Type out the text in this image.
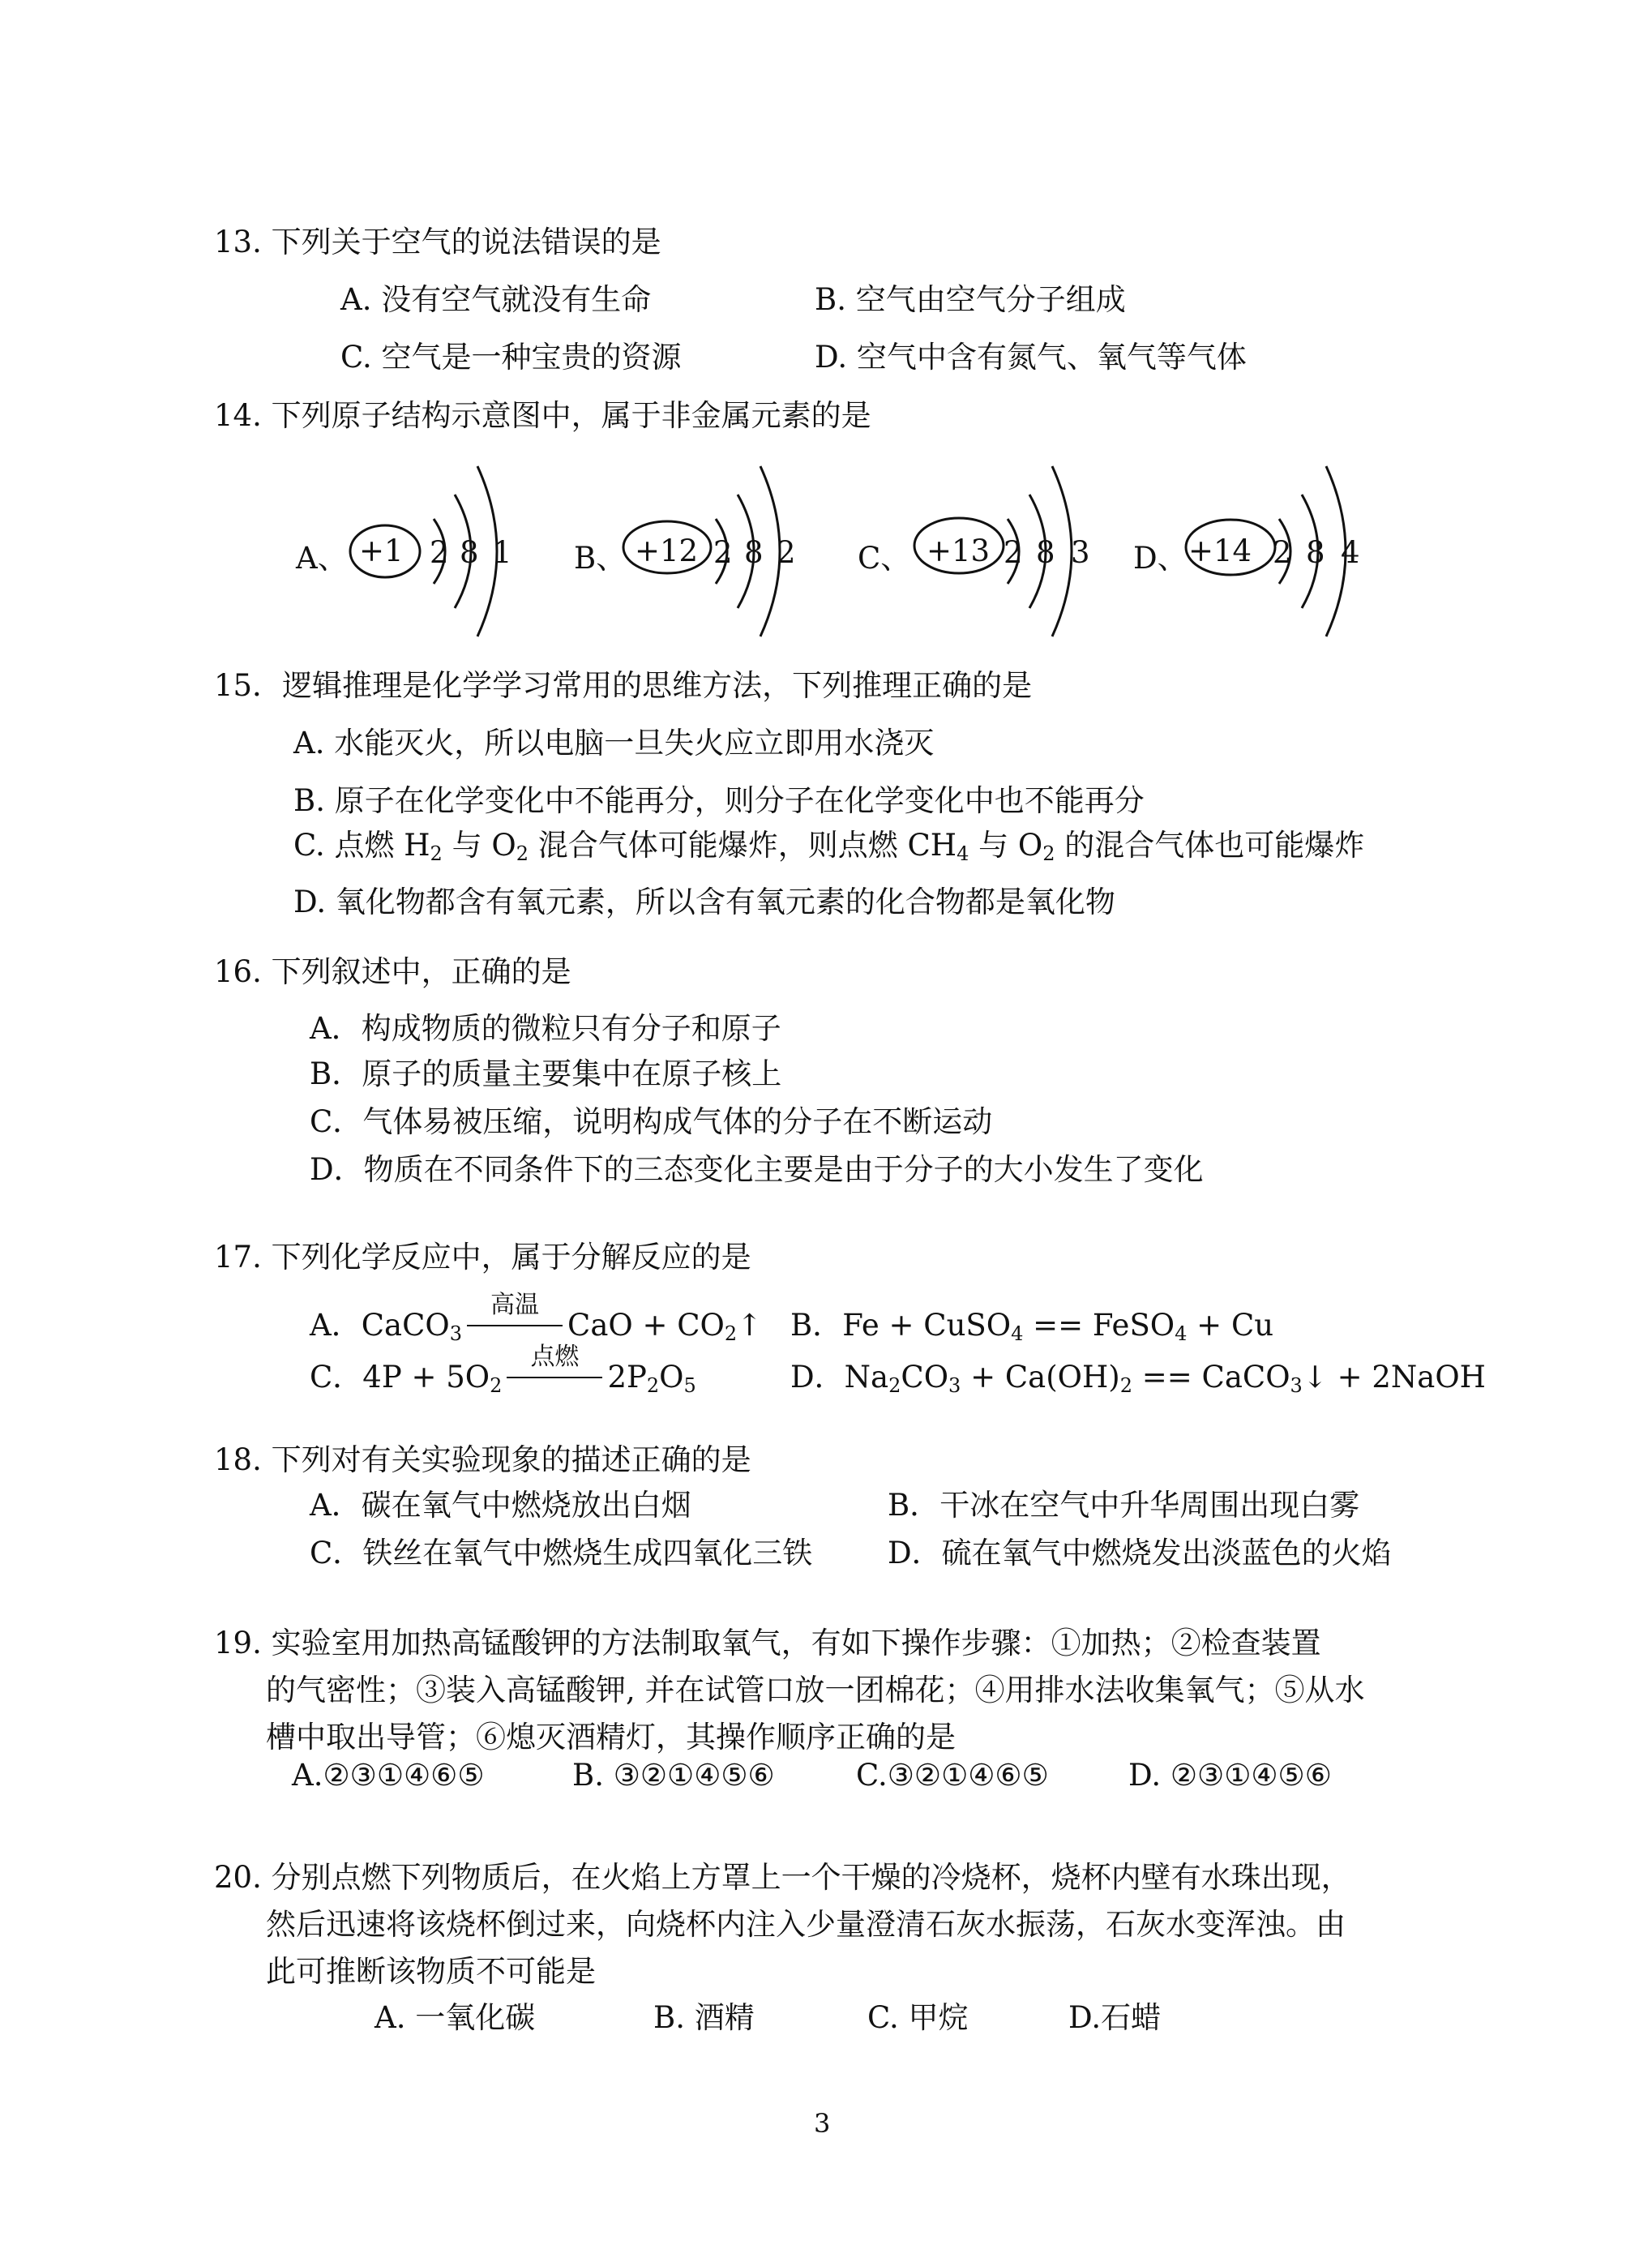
13. 下列关于空气的说法错误的是
A. 没有空气就没有生命	B. 空气由空气分子组成
C. 空气是一种宝贵的资源	D. 空气中含有氮气、氧气等气体
14. 下列原子结构示意图中，属于非金属元素的是
A、 +1 2 8 1 B、 +12 2 8 2 C、 +13 2 8 3 D、 +14 2 8 4
15．逻辑推理是化学学习常用的思维方法，下列推理正确的是
A. 水能灭火，所以电脑一旦失火应立即用水浇灭
B. 原子在化学变化中不能再分，则分子在化学变化中也不能再分
C. 点燃 $H_2$ 与 $O_2$ 混合气体可能爆炸，则点燃 $CH_4$ 与 $O_2$ 的混合气体也可能爆炸
D. 氧化物都含有氧元素，所以含有氧元素的化合物都是氧化物
16. 下列叙述中，正确的是
A．构成物质的微粒只有分子和原子
B．原子的质量主要集中在原子核上
C．气体易被压缩，说明构成气体的分子在不断运动
D．物质在不同条件下的三态变化主要是由于分子的大小发生了变化
17. 下列化学反应中，属于分解反应的是
A．CaCO$_3$
高温
CaO + $CO_2↑$ B．Fe + CuSO$_4$ == FeSO$_4$ + Cu
C．$4P + 5O_2$
点燃
$2P_2O_5$	D．$Na_2CO_3 + Ca(OH)_2$ == CaCO$_3$↓ + 2NaOH
18. 下列对有关实验现象的描述正确的是
A．碳在氧气中燃烧放出白烟	B．干冰在空气中升华周围出现白雾
C．铁丝在氧气中燃烧生成四氧化三铁	D．硫在氧气中燃烧发出淡蓝色的火焰
19. 实验室用加热高锰酸钾的方法制取氧气，有如下操作步骤：①加热；②检查装置
的气密性；③装入高锰酸钾, 并在试管口放一团棉花；④用排水法收集氧气；⑤从水
槽中取出导管；⑥熄灭酒精灯，其操作顺序正确的是
A.②③①④⑥⑤	B. ③②①④⑤⑥	C.③②①④⑥⑤	D. ②③①④⑤⑥
20. 分别点燃下列物质后，在火焰上方罩上一个干燥的冷烧杯，烧杯内壁有水珠出现，
然后迅速将该烧杯倒过来，向烧杯内注入少量澄清石灰水振荡，石灰水变浑浊。由
此可推断该物质不可能是
A. 一氧化碳	B. 酒精	C. 甲烷	D.石蜡
3
